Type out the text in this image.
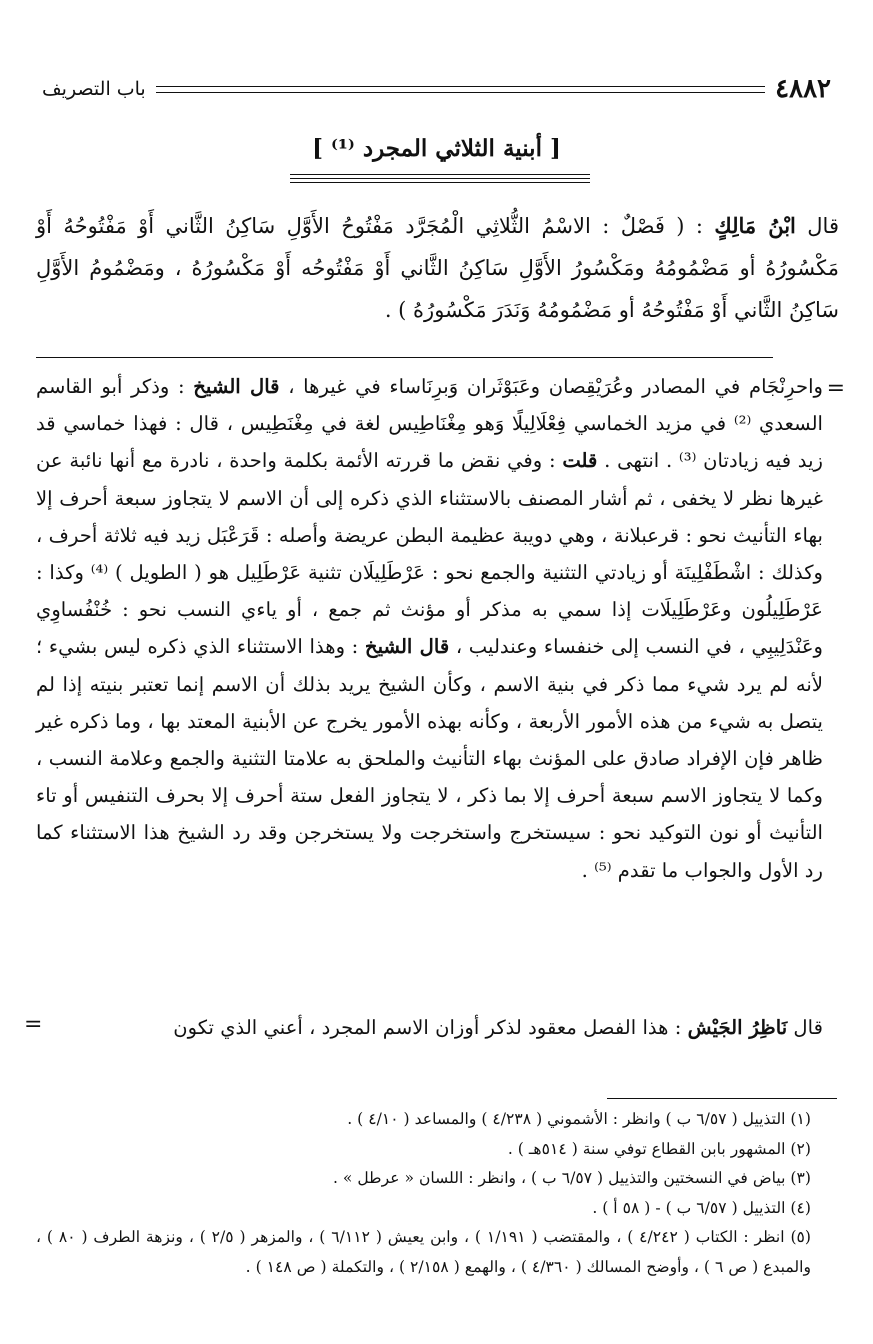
٤٨٨٢
باب التصريف
[ أبنية الثلاثي المجرد ⁽¹⁾ ]
قال ابْنُ مَالِكٍ : ( فَصْلٌ : الاسْمُ الثُّلاثِي الْمُجَرَّد مَفْتُوحُ الأَوَّلِ سَاكِنُ الثَّاني أَوْ مَفْتُوحُهُ أَوْ مَكْسُورُهُ أو مَضْمُومُهُ ومَكْسُورُ الأَوَّلِ سَاكِنُ الثَّاني أَوْ مَفْتُوحُه أَوْ مَكْسُورُهُ ، ومَضْمُومُ الأَوَّلِ سَاكِنُ الثَّاني أَوْ مَفْتُوحُهُ أو مَضْمُومُهُ وَنَدَرَ مَكْسُورُهُ ) .
=
واحرِنْجَام في المصادر وعُرَيْقِصان وعَبَوْثَران وَبرِنَاساء في غيرها ، قال الشيخ : وذكر أبو القاسم السعدي ⁽²⁾ في مزيد الخماسي فِعْلَالِيلًا وَهو مِغْنَاطِيس لغة في مِغْنَطِيس ، قال : فهذا خماسي قد زيد فيه زيادتان ⁽³⁾ . انتهى . قلت : وفي نقض ما قررته الأئمة بكلمة واحدة ، نادرة مع أنها نائبة عن غيرها نظر لا يخفى ، ثم أشار المصنف بالاستثناء الذي ذكره إلى أن الاسم لا يتجاوز سبعة أحرف إلا بهاء التأنيث نحو : قرعبلانة ، وهي دويبة عظيمة البطن عريضة وأصله : قَرَعْبَل زيد فيه ثلاثة أحرف ، وكذلك : اشْطَفْلِينَة أو زيادتي التثنية والجمع نحو : عَرْطَلِيلَان تثنية عَرْطَلِيل هو ( الطويل ) ⁽⁴⁾ وكذا : عَرْطَلِيلُون وعَرْطَلِيلَات إذا سمي به مذكر أو مؤنث ثم جمع ، أو ياءي النسب نحو : خُنْفُساوِي وعَنْدَلِيبِي ، في النسب إلى خنفساء وعندليب ، قال الشيخ : وهذا الاستثناء الذي ذكره ليس بشيء ؛ لأنه لم يرد شيء مما ذكر في بنية الاسم ، وكأن الشيخ يريد بذلك أن الاسم إنما تعتبر بنيته إذا لم يتصل به شيء من هذه الأمور الأربعة ، وكأنه بهذه الأمور يخرج عن الأبنية المعتد بها ، وما ذكره غير ظاهر فإن الإفراد صادق على المؤنث بهاء التأنيث والملحق به علامتا التثنية والجمع وعلامة النسب ، وكما لا يتجاوز الاسم سبعة أحرف إلا بما ذكر ، لا يتجاوز الفعل ستة أحرف إلا بحرف التنفيس أو تاء التأنيث أو نون التوكيد نحو : سيستخرج واستخرجت ولا يستخرجن وقد رد الشيخ هذا الاستثناء كما رد الأول والجواب ما تقدم ⁽⁵⁾ .
قال نَاظِرُ الجَيْش : هذا الفصل معقود لذكر أوزان الاسم المجرد ، أعني الذي تكون
=
(١) التذييل ( ٦/٥٧ ب ) وانظر : الأشموني ( ٤/٢٣٨ ) والمساعد ( ٤/١٠ ) .
(٢) المشهور بابن القطاع توفي سنة ( ٥١٤هـ ) .
(٣) بياض في النسختين والتذييل ( ٦/٥٧ ب ) ، وانظر : اللسان « عرطل » .
(٤) التذييل ( ٦/٥٧ ب ) - ( ٥٨ أ ) .
(٥) انظر : الكتاب ( ٤/٢٤٢ ) ، والمقتضب ( ١/١٩١ ) ، وابن يعيش ( ٦/١١٢ ) ، والمزهر ( ٢/٥ ) ، ونزهة الطرف ( ٨٠ ) ، والمبدع ( ص ٦ ) ، وأوضح المسالك ( ٤/٣٦٠ ) ، والهمع ( ٢/١٥٨ ) ، والتكملة ( ص ١٤٨ ) .
